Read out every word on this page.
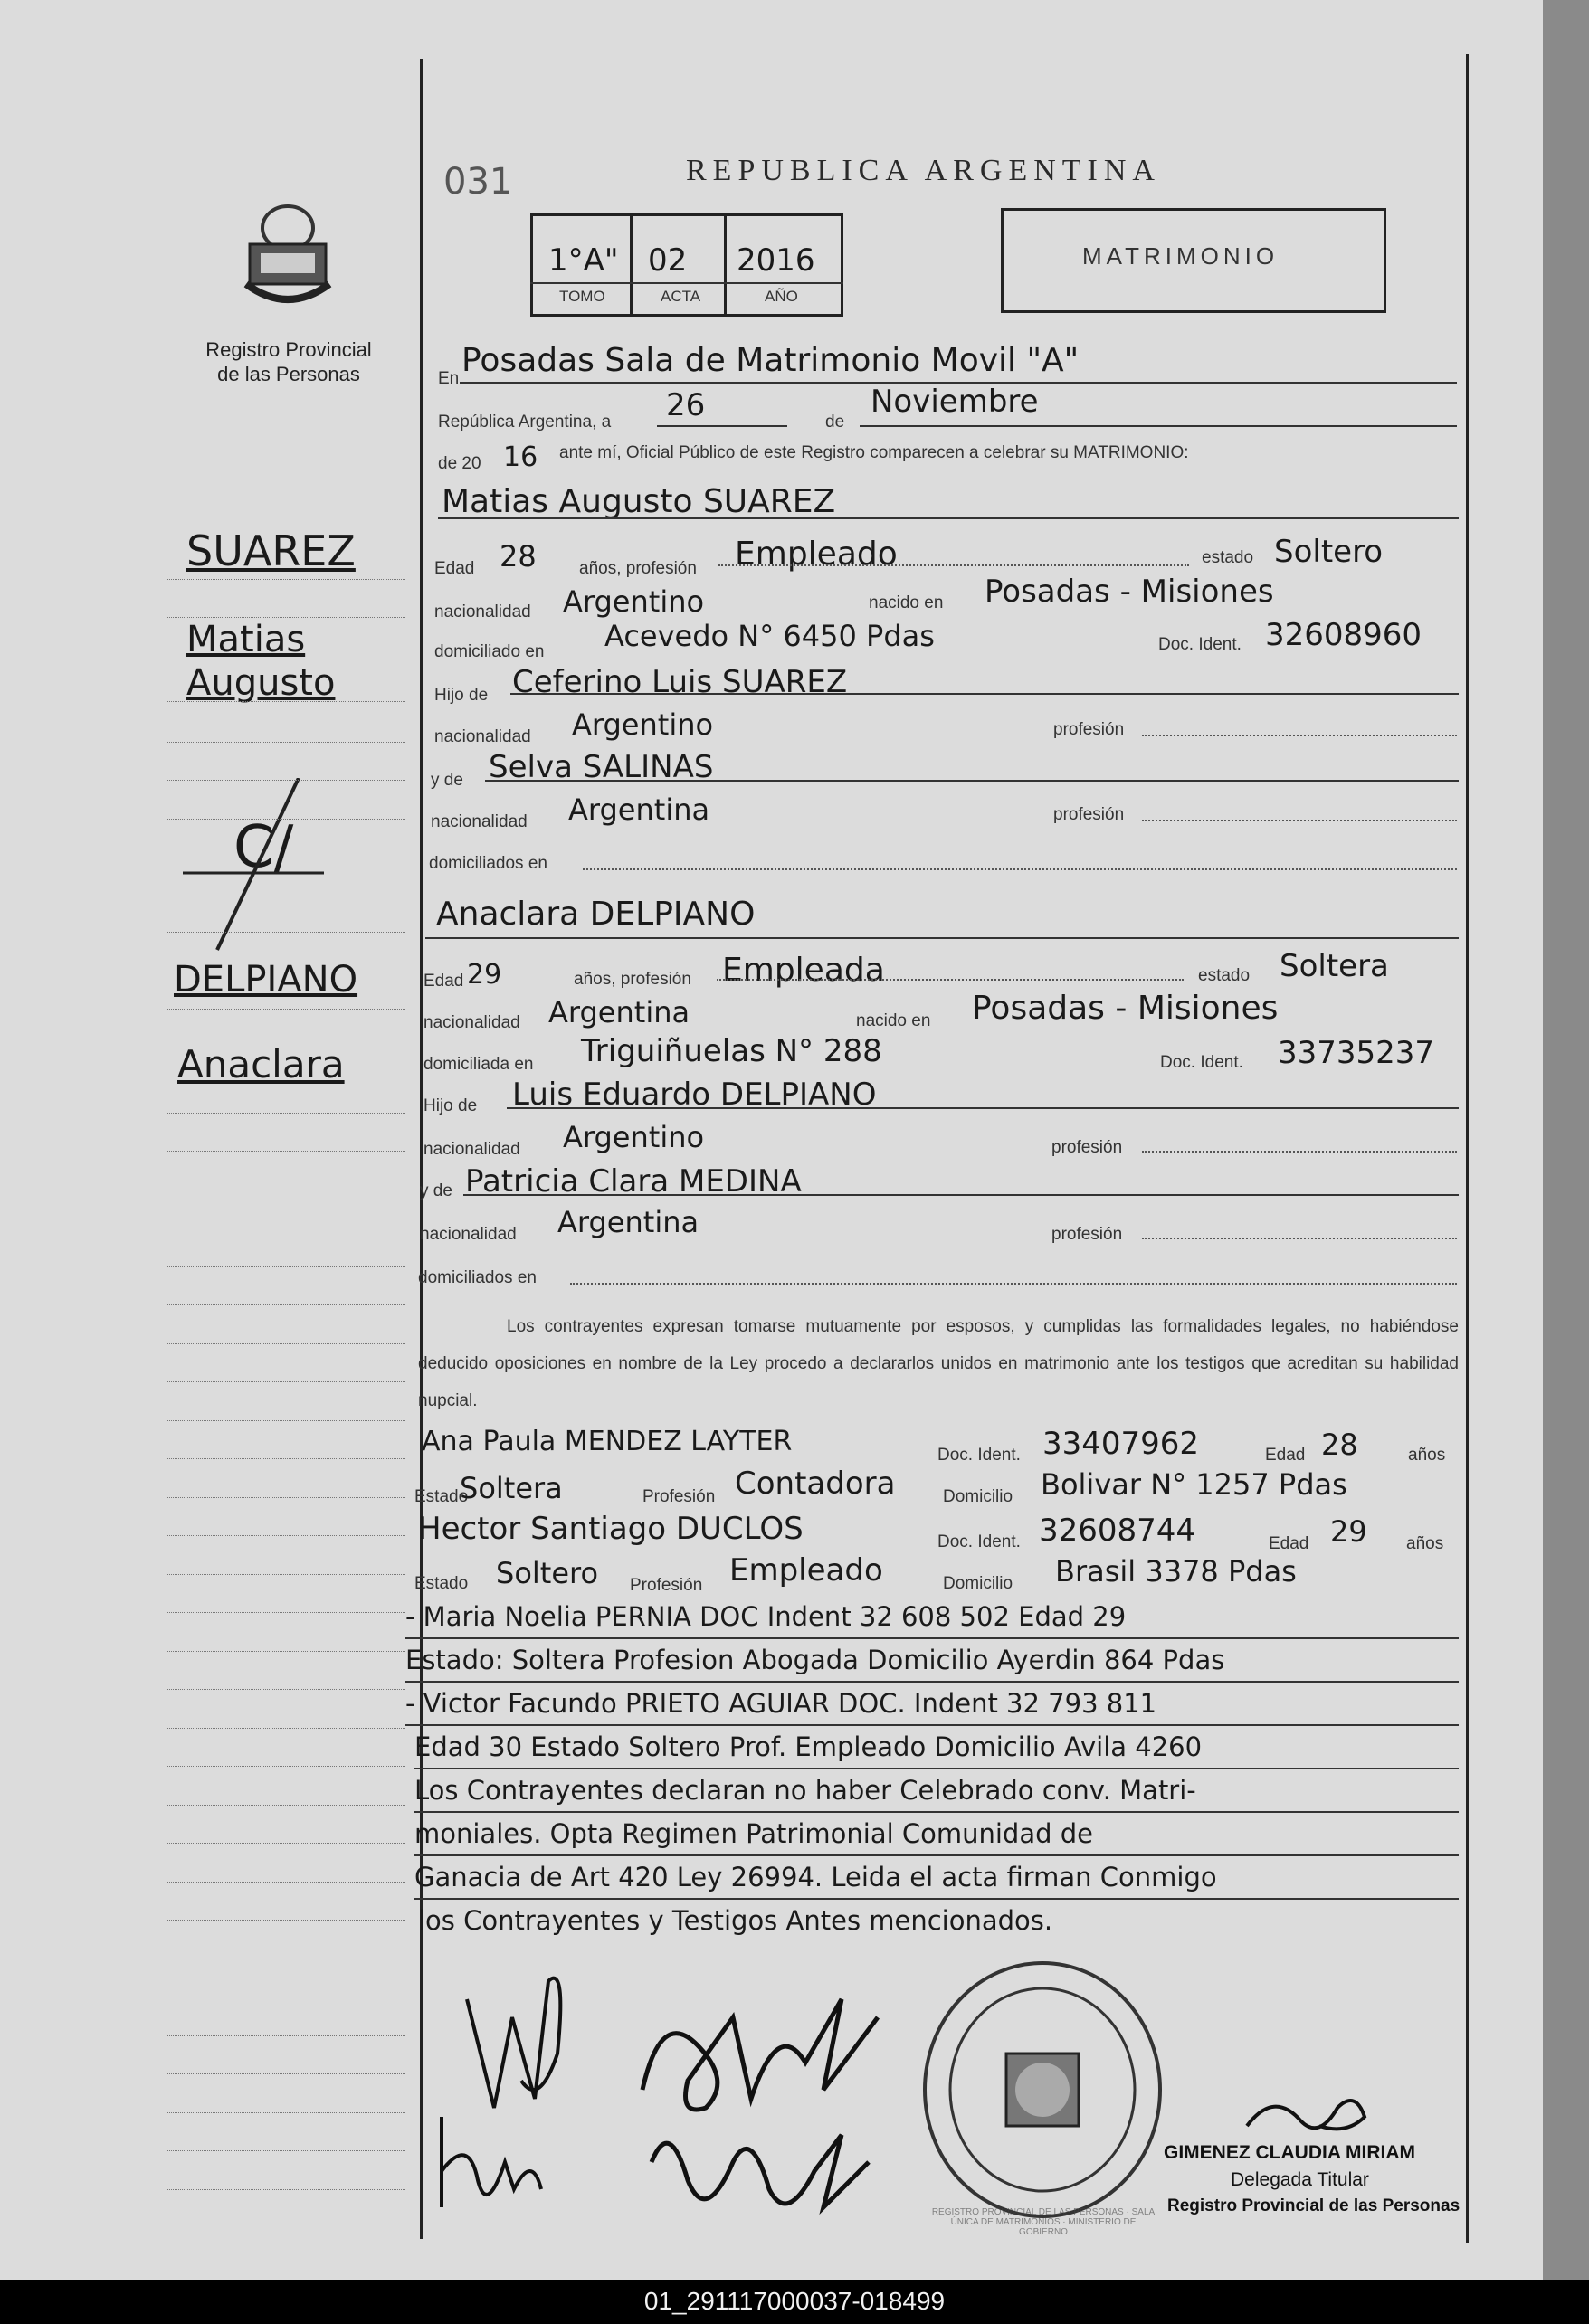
031	REPUBLICA ARGENTINA
1°A" 02 2016
TOMO	ACTA	AÑO
MATRIMONIO
Registro Provincial de las Personas
SUAREZ
Matias
Augusto
C/
DELPIANO
Anaclara
En Posadas Sala de Matrimonio Movil "A"
República Argentina, a 26	de
Noviembre
de 20 16 ante mí, Oficial Público de este Registro comparecen a celebrar su MATRIMONIO:
Matias Augusto SUAREZ
Edad 28 años, profesión Empleado	estado Soltero
nacionalidad Argentino	nacido en Posadas - Misiones
domiciliado en Acevedo N° 6450 Pdas	Doc. Ident. 32608960
Hijo de Ceferino Luis SUAREZ
nacionalidad Argentino	profesión
y de Selva SALINAS
nacionalidad Argentina	profesión
domiciliados en
Anaclara DELPIANO
Edad 29	años, profesión Empleada	estado Soltera
nacionalidad Argentina	nacido en Posadas - Misiones
domiciliada en Triguiñuelas N° 288	Doc. Ident. 33735237
Hijo de Luis Eduardo DELPIANO
nacionalidad Argentino	profesión
y de Patricia Clara MEDINA
nacionalidad Argentina	profesión
domiciliados en
Los contrayentes expresan tomarse mutuamente por esposos, y cumplidas las formalidades legales, no habiéndose deducido oposiciones en nombre de la Ley procedo a declararlos unidos en matrimonio ante los testigos que acreditan su habilidad nupcial.
Ana Paula MENDEZ LAYTER	Doc. Ident. 33407962	Edad 28	años
Estado
Soltera	Profesión Contadora	Domicilio Bolivar N° 1257 Pdas
Hector Santiago DUCLOS	Doc. Ident. 32608744	Edad 29 años
Estado Soltero Profesión Empleado	Domicilio Brasil 3378 Pdas
- Maria Noelia PERNIA DOC Indent 32 608 502 Edad 29
Estado: Soltera Profesion Abogada Domicilio Ayerdin 864 Pdas
- Victor Facundo PRIETO AGUIAR DOC. Indent 32 793 811
Edad 30 Estado Soltero Prof. Empleado Domicilio Avila 4260
Los Contrayentes declaran no haber Celebrado conv. Matri-
moniales. Opta Regimen Patrimonial Comunidad de
Ganacia de Art 420 Ley 26994. Leida el acta firman Conmigo
los Contrayentes y Testigos Antes mencionados.
REGISTRO PROVINCIAL DE LAS PERSONAS · SALA ÚNICA DE MATRIMONIOS · MINISTERIO DE GOBIERNO
GIMENEZ CLAUDIA MIRIAM
Delegada Titular
Registro Provincial de las Personas
01_291117000037-018499
